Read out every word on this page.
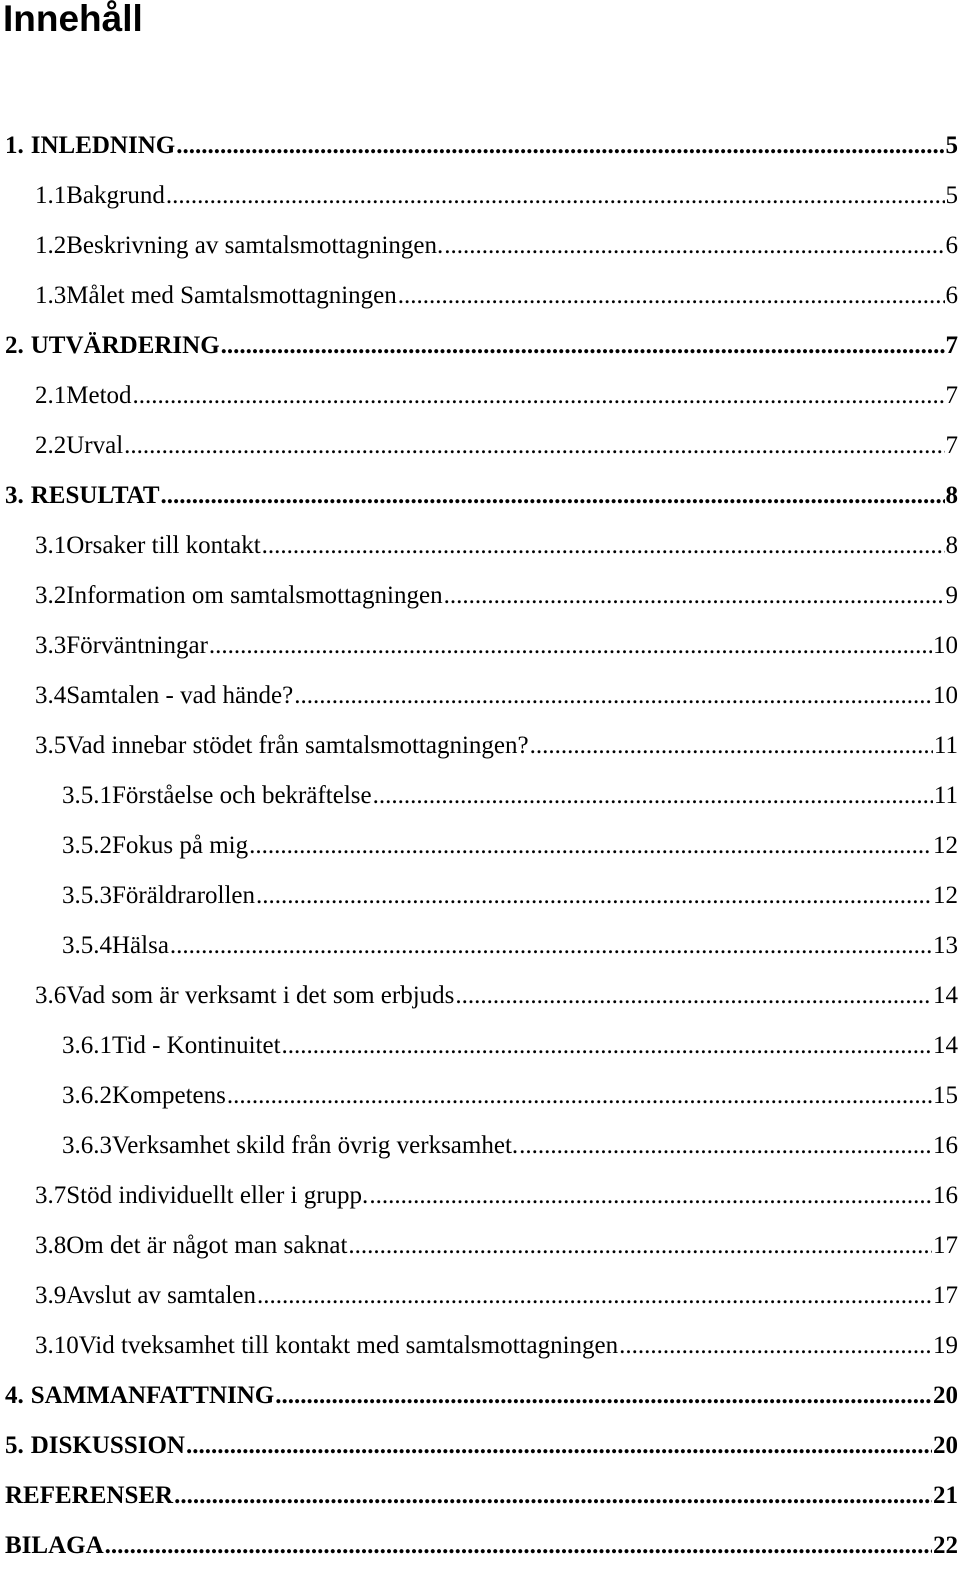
Innehåll
1. INLEDNING .....	5
1.1 Bakgrund .....	5
1.2 Beskrivning av samtalsmottagningen. .....	6
1.3 Målet med Samtalsmottagningen .....	6
2. UTVÄRDERING .....	7
2.1 Metod .....	7
2.2 Urval .....	7
3. RESULTAT .....	8
3.1 Orsaker till kontakt .....	8
3.2 Information om samtalsmottagningen .....	9
3.3 Förväntningar .....	10
3.4 Samtalen - vad hände? .....	10
3.5 Vad innebar stödet från samtalsmottagningen? .....	11
3.5.1 Förståelse och bekräftelse .....	11
3.5.2 Fokus på mig .....	12
3.5.3 Föräldrarollen .....	12
3.5.4 Hälsa .....	13
3.6 Vad som är verksamt i det som erbjuds .....	14
3.6.1 Tid - Kontinuitet .....	14
3.6.2 Kompetens .....	15
3.6.3 Verksamhet skild från övrig verksamhet. .....	16
3.7 Stöd individuellt eller i grupp. .....	16
3.8 Om det är något man saknat .....	17
3.9 Avslut av samtalen .....	17
3.10 Vid tveksamhet till kontakt med samtalsmottagningen .....	19
4. SAMMANFATTNING .....	20
5. DISKUSSION .....	20
REFERENSER .....	21
BILAGA .....	22
